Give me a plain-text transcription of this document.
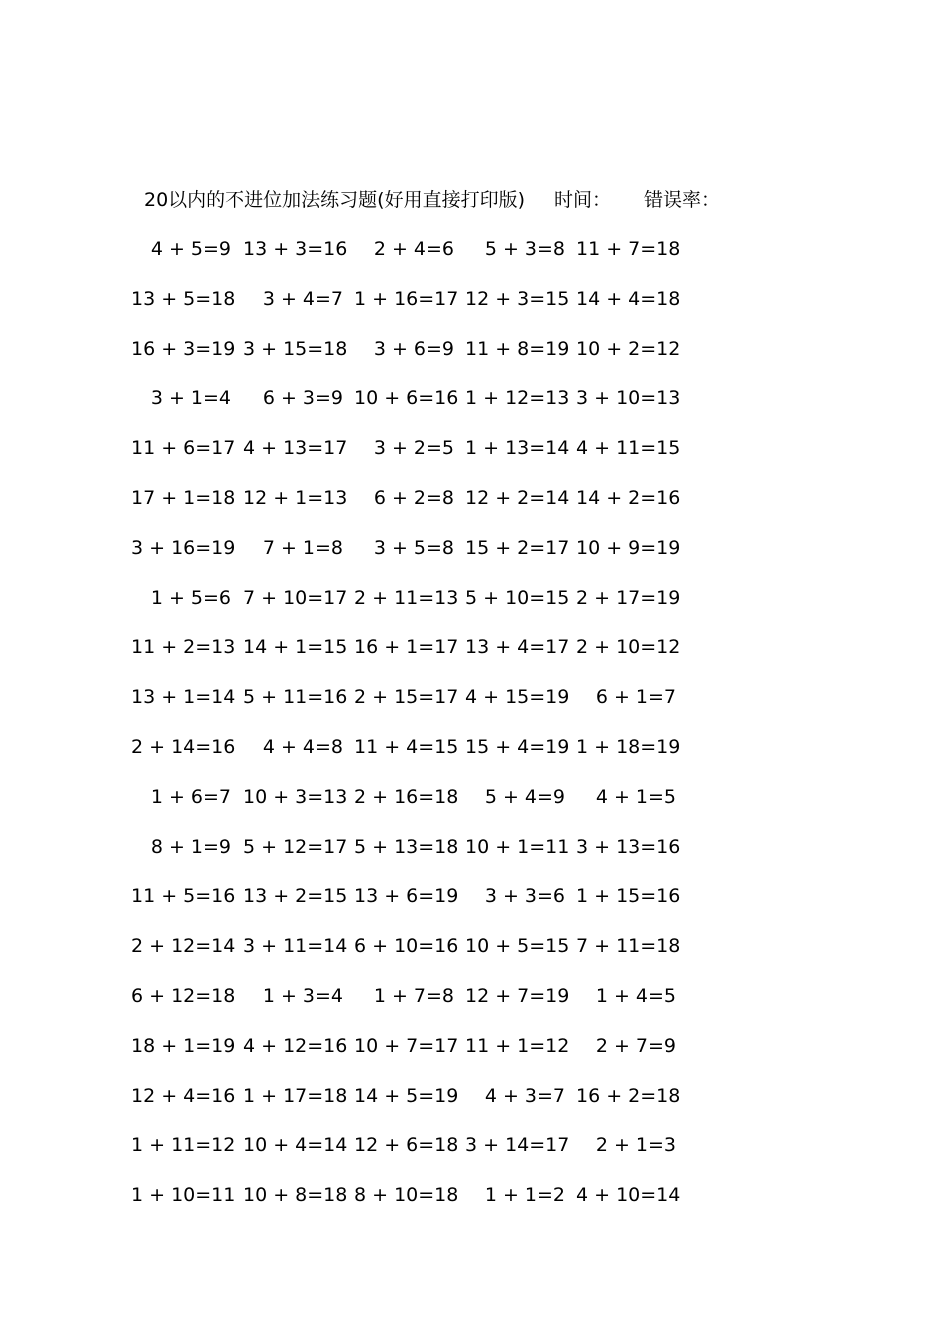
20以内的不进位加法练习题(好用直接打印版) 时间： 错误率：
4 + 5=9 13 + 3=16	2 + 4=6	5 + 3=8 11 + 7=18
13 + 5=18	3 + 4=7 1 + 16=17 12 + 3=15 14 + 4=18
16 + 3=19 3 + 15=18	3 + 6=9 11 + 8=19 10 + 2=12
3 + 1=4	6 + 3=9 10 + 6=16 1 + 12=13 3 + 10=13
11 + 6=17 4 + 13=17	3 + 2=5 1 + 13=14 4 + 11=15
17 + 1=18 12 + 1=13	6 + 2=8 12 + 2=14 14 + 2=16
3 + 16=19	7 + 1=8	3 + 5=8 15 + 2=17 10 + 9=19
1 + 5=6 7 + 10=17 2 + 11=13 5 + 10=15 2 + 17=19
11 + 2=13 14 + 1=15 16 + 1=17 13 + 4=17 2 + 10=12
13 + 1=14 5 + 11=16 2 + 15=17 4 + 15=19	6 + 1=7
2 + 14=16	4 + 4=8 11 + 4=15 15 + 4=19 1 + 18=19
1 + 6=7 10 + 3=13 2 + 16=18	5 + 4=9	4 + 1=5
8 + 1=9 5 + 12=17 5 + 13=18 10 + 1=11 3 + 13=16
11 + 5=16 13 + 2=15 13 + 6=19	3 + 3=6 1 + 15=16
2 + 12=14 3 + 11=14 6 + 10=16 10 + 5=15 7 + 11=18
6 + 12=18	1 + 3=4	1 + 7=8 12 + 7=19	1 + 4=5
18 + 1=19 4 + 12=16 10 + 7=17 11 + 1=12	2 + 7=9
12 + 4=16 1 + 17=18 14 + 5=19	4 + 3=7 16 + 2=18
1 + 11=12 10 + 4=14 12 + 6=18 3 + 14=17	2 + 1=3
1 + 10=11 10 + 8=18 8 + 10=18	1 + 1=2 4 + 10=14
